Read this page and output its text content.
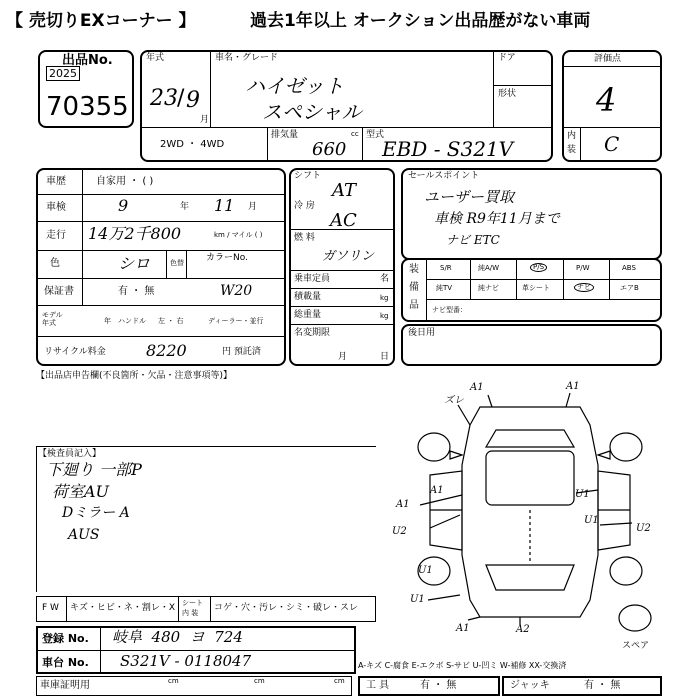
【 売切りEXコーナー 】	過去1年以上 オークション出品歴がない車両
出品No.
2025
70355
年式
23 / 9
月
車名・グレード
ハイゼット
スペシャル
ドア
形状
2WD ・ 4WD
排気量	cc
660
型式
EBD - S321V
評価点
4
内
装 C
車歴	自家用 ・ ( )
車検	9	年 11 月
走行 14万2千800	km / マイル ( )
色	シロ	色替 カラーNo.
保証書	有 ・ 無	W20
モデル年式	年 ハンドル 左 ・ 右	ディーラー・並行
リサイクル料金	8220	円 預託済
シフト
AT
冷 房
AC
燃 料
ガソリン
乗車定員	名
積載量	kg
総重量	kg
名変期限
月	日
セールスポイント
ユーザー買取
車検 R9年11月まで
ナビ ETC
装
備
品
S/R	純A/W	P/S	P/W	ABS
純TV	純ナビ	革シート	ナビ	エアB
ナビ型番：
後日用
【出品店申告欄(不良箇所・欠品・注意事項等)】
【検査員記入】
下廻り 一部P
荷室AU
Dミラー A
AUS
A1	A1
ズレ
A1
A1	U1
U2
U1
U2
U1
A1	A2
U1
スペア
F W キズ・ヒビ・ネ・割レ・X シート
内 装 コゲ・穴・汚レ・シミ・破レ・スレ
登録 No. 岐阜  480  ヨ  724
車台 No. S321V - 0118047	A-キズ C-腐食 E-エクボ S-サビ U-凹ミ W-補修 XX-交換済
車庫証明用	cm	cm	cm 工 具	有 ・ 無	ジャッキ	有 ・ 無
